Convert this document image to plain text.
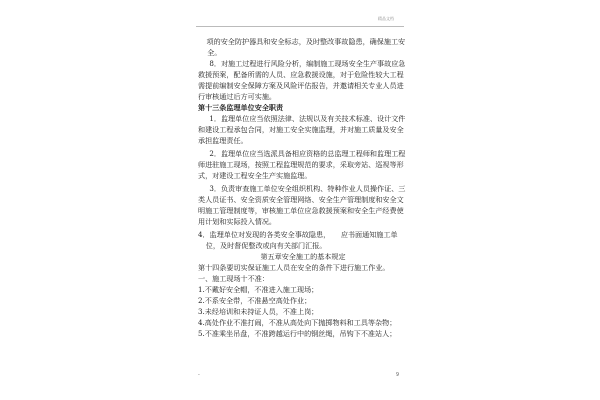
精品文档

项的安全防护器具和安全标志，及时整改事故隐患，确保施工安全。

8．对施工过程进行风险分析，编制施工现场安全生产事故应急救援预案，配备所需的人员、应急救援设施，对于危险性较大工程需提前编制安全保障方案及风险评估报告，并邀请相关专业人员进行审核通过后方可实施。

第十三条监理单位安全职责

1．监理单位应当依照法律、法规以及有关技术标准、设计文件和建设工程承包合同，对施工安全实施监理，并对施工质量及安全承担监理责任。

2．监理单位应当选派具备相应资格的总监理工程师和监理工程师进驻施工现场，按照工程监理规范的要求，采取旁站、巡视等形式，对建设工程安全生产实施监理。

3．负责审查施工单位安全组织机构、特种作业人员操作证、三类人员证书、安全资质安全管理网络、安全生产管理制度和安全文明施工管理制度等，审核施工单位应急救援预案和安全生产经费使用计划和实际投入情况。

4．监理单位对发现的各类安全事故隐患，　　应书面通知施工单位，及时督促整改或向有关部门汇报。

第五章安全施工的基本规定

第十四条要切实保证施工人员在安全的条件下进行施工作业。

一、施工现场十不准：

1.不戴好安全帽，不准进入施工现场；

2.不系安全带，不准悬空高处作业；

3.未经培训和未持证人员，不准上岗；

4.高处作业不准打闹，不准从高处向下抛掷物料和工具等杂物；

5.不准乘坐吊盘，不准跨越运行中的钢丝绳，吊钩下不准站人；

-	9
